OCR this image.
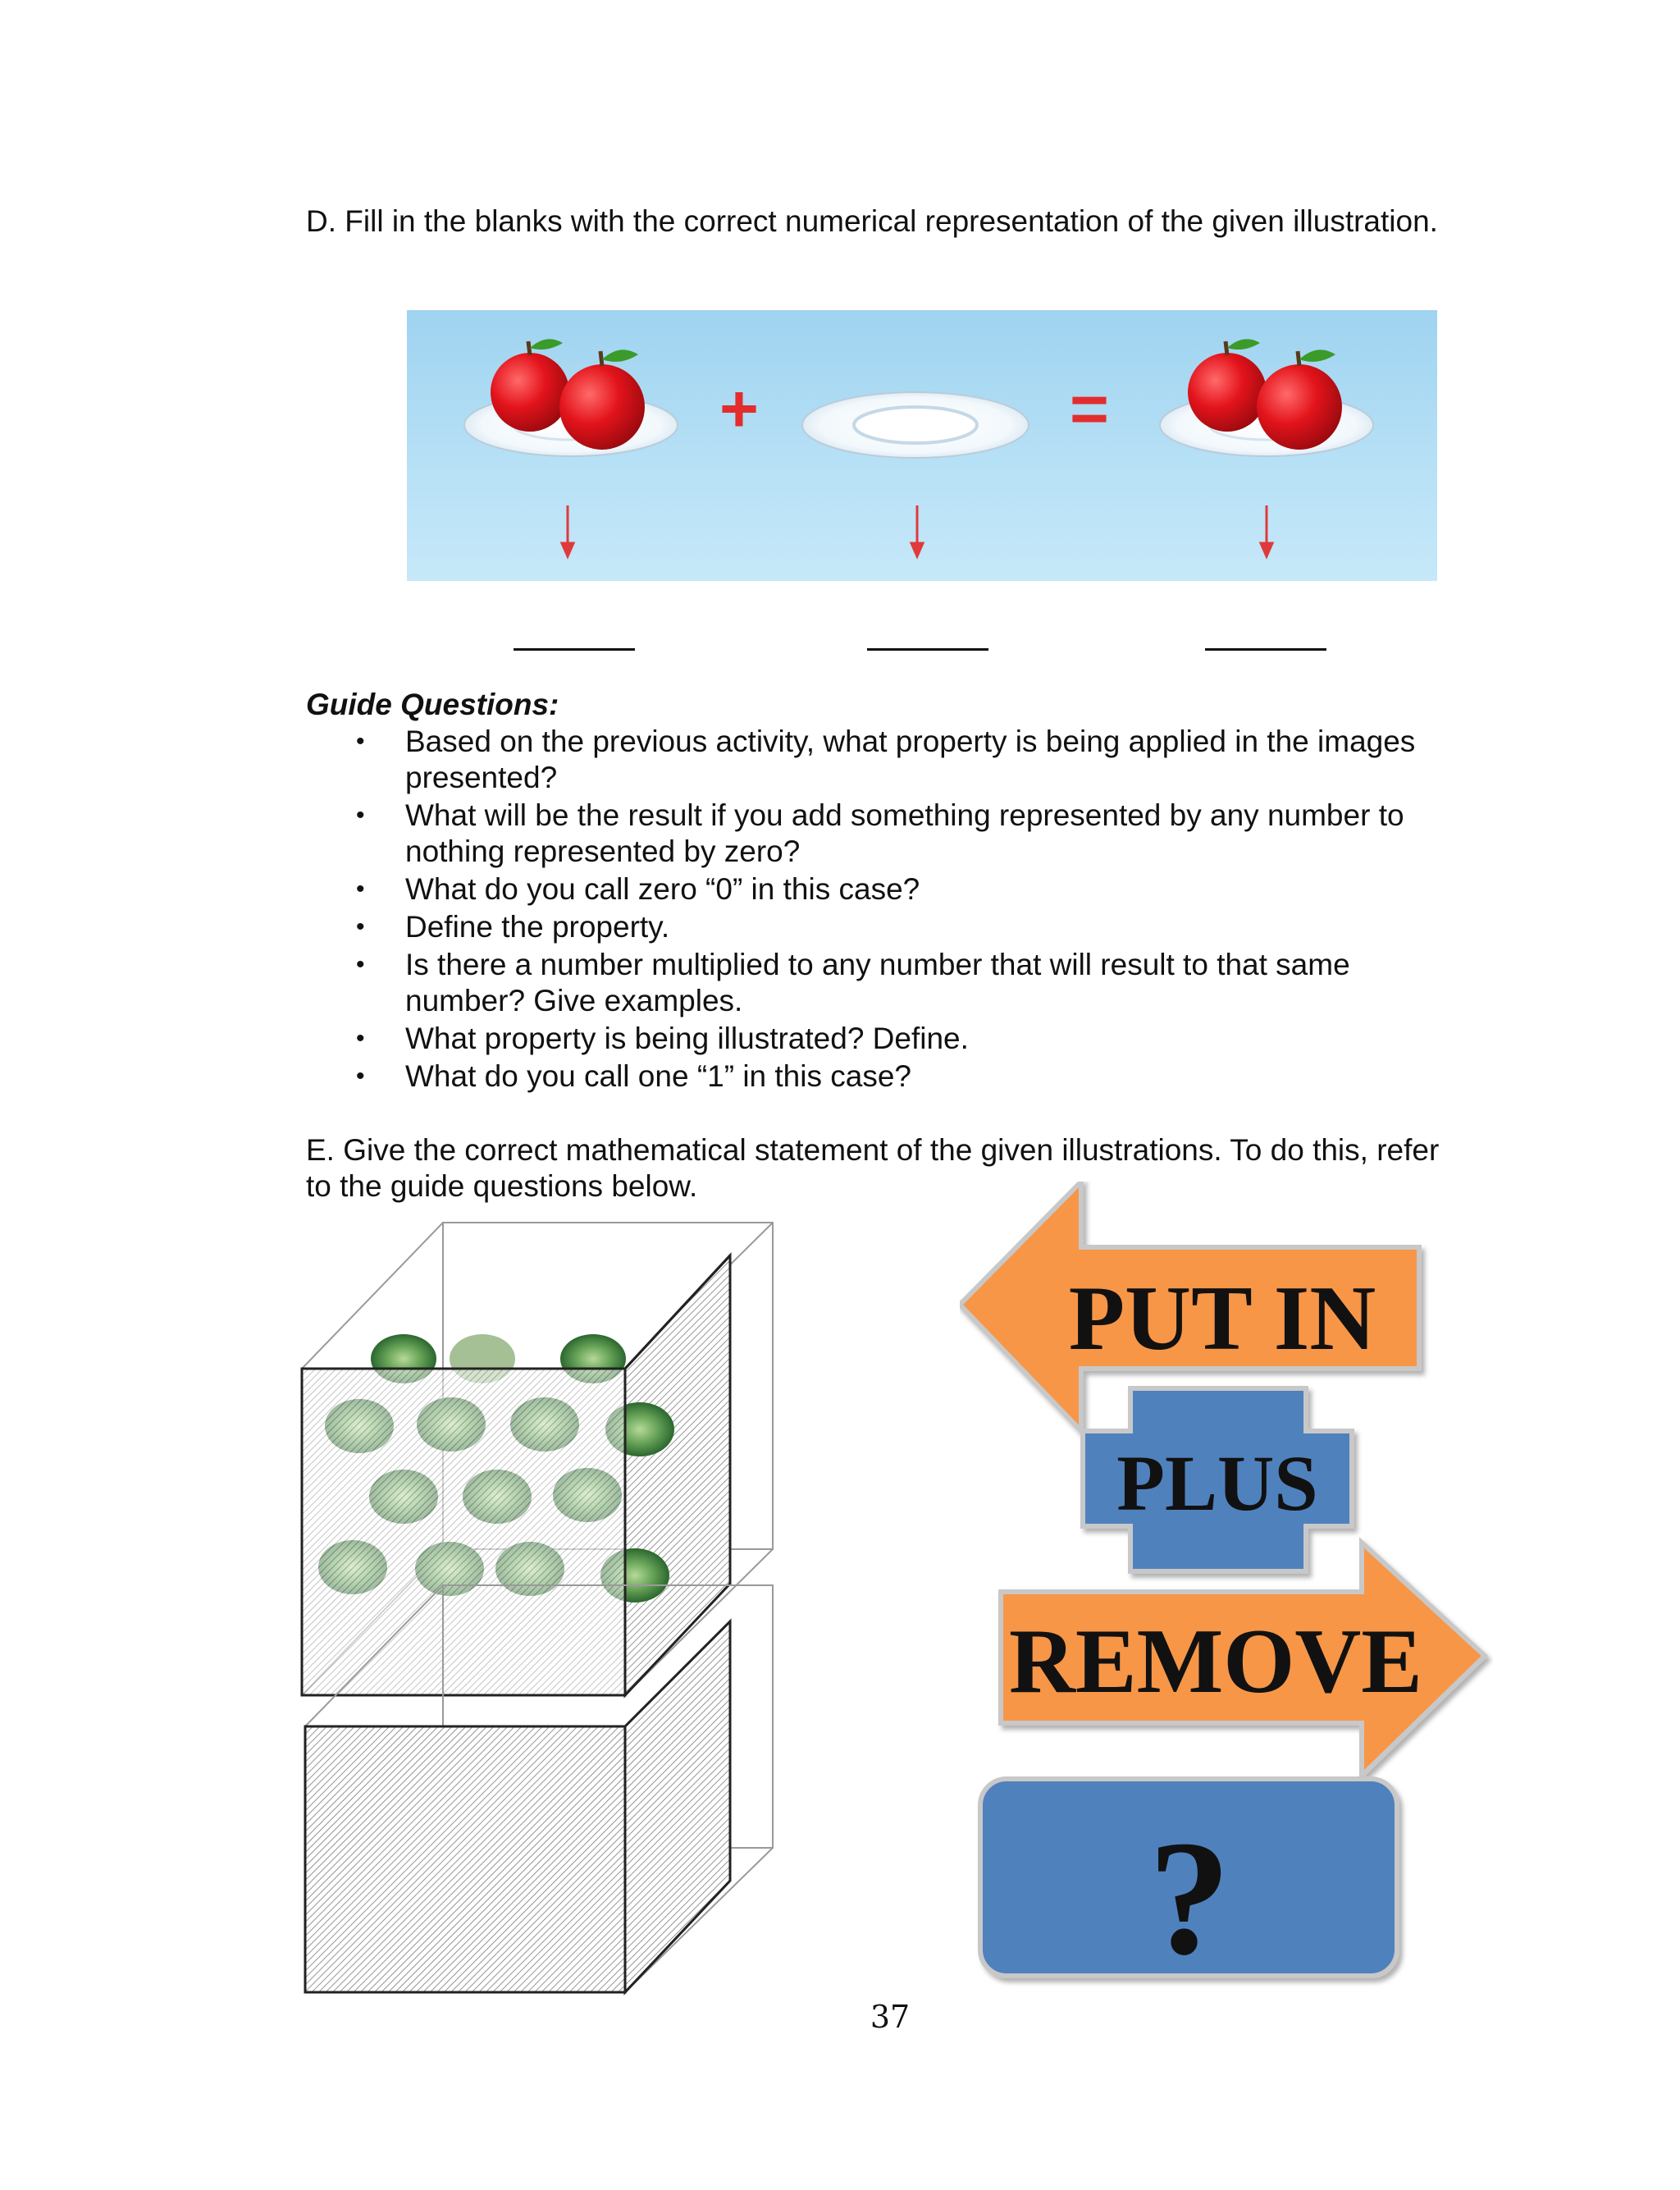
D. Fill in the blanks with the correct numerical representation of the given illustration.

+	=

Guide Questions:

• Based on the previous activity, what property is being applied in the images presented?
• What will be the result if you add something represented by any number to nothing represented by zero?
• What do you call zero “0” in this case?
• Define the property.
• Is there a number multiplied to any number that will result to that same number? Give examples.
• What property is being illustrated? Define.
• What do you call one “1” in this case?

E. Give the correct mathematical statement of the given illustrations. To do this, refer to the guide questions below.

PUT IN
PLUS
REMOVE
?
37
